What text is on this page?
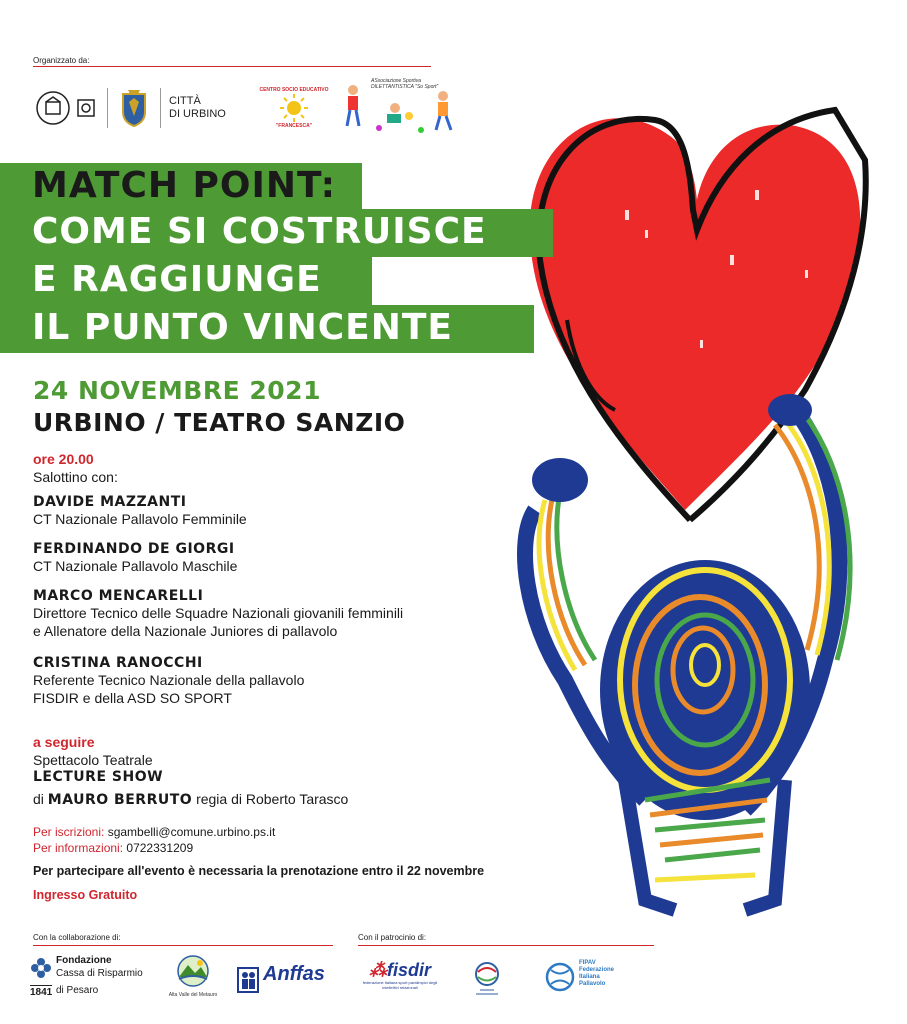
Organizzato da:
CITTÀ
DI URBINO
CENTRO SOCIO EDUCATIVO
"FRANCESCA"
ASsociazione Sportiva DILETTANTISTICA "So Sport"
MATCH POINT:
COME SI COSTRUISCE
E RAGGIUNGE
IL PUNTO VINCENTE
24 NOVEMBRE 2021
URBINO / TEATRO SANZIO
ore 20.00
Salottino con:
DAVIDE MAZZANTI
CT Nazionale Pallavolo Femminile
FERDINANDO DE GIORGI
CT Nazionale Pallavolo Maschile
MARCO MENCARELLI
Direttore Tecnico delle Squadre Nazionali giovanili femminili
e Allenatore della Nazionale Juniores di pallavolo
CRISTINA RANOCCHI
Referente Tecnico Nazionale della pallavolo
FISDIR e della ASD SO SPORT
a seguire
Spettacolo Teatrale
LECTURE SHOW
di MAURO BERRUTO regia di Roberto Tarasco
Per iscrizioni: sgambelli@comune.urbino.ps.it
Per informazioni: 0722331209
Per partecipare all'evento è necessaria la prenotazione entro il 22 novembre
Ingresso Gratuito
Con la collaborazione di:	Con il patrocinio di:
Fondazione
Cassa di Risparmio
1841 di Pesaro	Alta Valle del Metauro
Anffas	⁂fisdir
federazione italiana sport paralimpici degli intellettivi relazionali
FIPAV
Federazione
Italiana
Pallavolo
